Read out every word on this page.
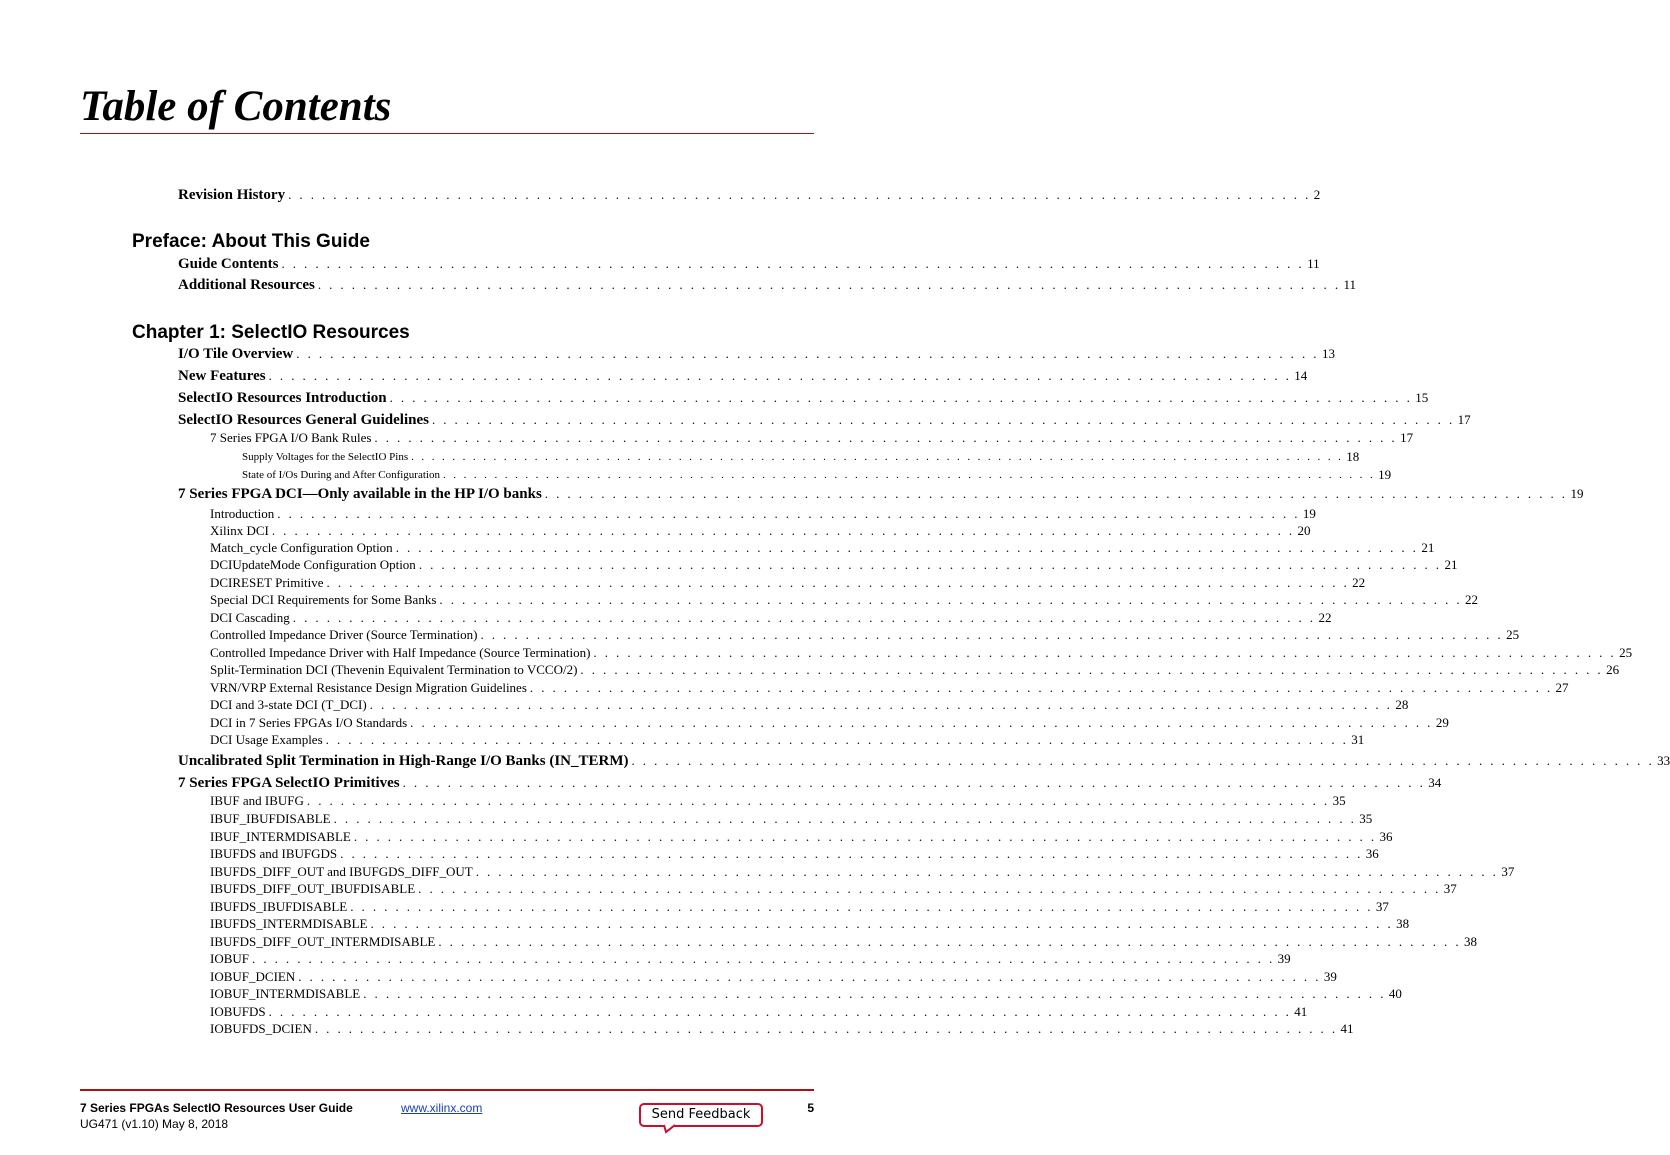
Table of Contents
Revision History . . . . . . . . . . . . . . . . . . . . . . . . . . . . . . . . . . . . . . . . . . . . . . . . . . . . . . . . . . . . . . . . . . . . . . . . . . . . . . . . . . . . . . . . . . . 2
Preface: About This Guide
Guide Contents . . . . . . . . . . . . . . . . . . . . . . . . . . . . . . . . . . . . . . . . . . . . . . . . . . . . . . . . . . . . . . . . . . . . . . . . . . . . . . . . . . . . . . . . . . . 11
Additional Resources . . . . . . . . . . . . . . . . . . . . . . . . . . . . . . . . . . . . . . . . . . . . . . . . . . . . . . . . . . . . . . . . . . . . . . . . . . . . . . . . . . . . . . . . . . . 11
Chapter 1: SelectIO Resources
I/O Tile Overview . . . . . . . . . . . . . . . . . . . . . . . . . . . . . . . . . . . . . . . . . . . . . . . . . . . . . . . . . . . . . . . . . . . . . . . . . . . . . . . . . . . . . . . . . . . 13
New Features . . . . . . . . . . . . . . . . . . . . . . . . . . . . . . . . . . . . . . . . . . . . . . . . . . . . . . . . . . . . . . . . . . . . . . . . . . . . . . . . . . . . . . . . . . . 14
SelectIO Resources Introduction . . . . . . . . . . . . . . . . . . . . . . . . . . . . . . . . . . . . . . . . . . . . . . . . . . . . . . . . . . . . . . . . . . . . . . . . . . . . . . . . . . . . . . . . . . . 15
SelectIO Resources General Guidelines . . . . . . . . . . . . . . . . . . . . . . . . . . . . . . . . . . . . . . . . . . . . . . . . . . . . . . . . . . . . . . . . . . . . . . . . . . . . . . . . . . . . . . . . . . . 17
7 Series FPGA I/O Bank Rules . . . . . . . . . . . . . . . . . . . . . . . . . . . . . . . . . . . . . . . . . . . . . . . . . . . . . . . . . . . . . . . . . . . . . . . . . . . . . . . . . . . . . . . . . . . 17
Supply Voltages for the SelectIO Pins . . . . . . . . . . . . . . . . . . . . . . . . . . . . . . . . . . . . . . . . . . . . . . . . . . . . . . . . . . . . . . . . . . . . . . . . . . . . . . . . . . . . . . . . . . . 18
State of I/Os During and After Configuration . . . . . . . . . . . . . . . . . . . . . . . . . . . . . . . . . . . . . . . . . . . . . . . . . . . . . . . . . . . . . . . . . . . . . . . . . . . . . . . . . . . . . . . . . . . 19
7 Series FPGA DCI—Only available in the HP I/O banks . . . . . . . . . . . . . . . . . . . . . . . . . . . . . . . . . . . . . . . . . . . . . . . . . . . . . . . . . . . . . . . . . . . . . . . . . . . . . . . . . . . . . . . . . . . 19
Introduction . . . . . . . . . . . . . . . . . . . . . . . . . . . . . . . . . . . . . . . . . . . . . . . . . . . . . . . . . . . . . . . . . . . . . . . . . . . . . . . . . . . . . . . . . . . 19
Xilinx DCI . . . . . . . . . . . . . . . . . . . . . . . . . . . . . . . . . . . . . . . . . . . . . . . . . . . . . . . . . . . . . . . . . . . . . . . . . . . . . . . . . . . . . . . . . . . 20
Match_cycle Configuration Option . . . . . . . . . . . . . . . . . . . . . . . . . . . . . . . . . . . . . . . . . . . . . . . . . . . . . . . . . . . . . . . . . . . . . . . . . . . . . . . . . . . . . . . . . . . 21
DCIUpdateMode Configuration Option . . . . . . . . . . . . . . . . . . . . . . . . . . . . . . . . . . . . . . . . . . . . . . . . . . . . . . . . . . . . . . . . . . . . . . . . . . . . . . . . . . . . . . . . . . . 21
DCIRESET Primitive . . . . . . . . . . . . . . . . . . . . . . . . . . . . . . . . . . . . . . . . . . . . . . . . . . . . . . . . . . . . . . . . . . . . . . . . . . . . . . . . . . . . . . . . . . . 22
Special DCI Requirements for Some Banks . . . . . . . . . . . . . . . . . . . . . . . . . . . . . . . . . . . . . . . . . . . . . . . . . . . . . . . . . . . . . . . . . . . . . . . . . . . . . . . . . . . . . . . . . . . 22
DCI Cascading . . . . . . . . . . . . . . . . . . . . . . . . . . . . . . . . . . . . . . . . . . . . . . . . . . . . . . . . . . . . . . . . . . . . . . . . . . . . . . . . . . . . . . . . . . . 22
Controlled Impedance Driver (Source Termination) . . . . . . . . . . . . . . . . . . . . . . . . . . . . . . . . . . . . . . . . . . . . . . . . . . . . . . . . . . . . . . . . . . . . . . . . . . . . . . . . . . . . . . . . . . . 25
Controlled Impedance Driver with Half Impedance (Source Termination) . . . . . . . . . . . . . . . . . . . . . . . . . . . . . . . . . . . . . . . . . . . . . . . . . . . . . . . . . . . . . . . . . . . . . . . . . . . . . . . . . . . . . . . . . . . 25
Split-Termination DCI (Thevenin Equivalent Termination to VCCO/2) . . . . . . . . . . . . . . . . . . . . . . . . . . . . . . . . . . . . . . . . . . . . . . . . . . . . . . . . . . . . . . . . . . . . . . . . . . . . . . . . . . . . . . . . . . . 26
VRN/VRP External Resistance Design Migration Guidelines . . . . . . . . . . . . . . . . . . . . . . . . . . . . . . . . . . . . . . . . . . . . . . . . . . . . . . . . . . . . . . . . . . . . . . . . . . . . . . . . . . . . . . . . . . . 27
DCI and 3-state DCI (T_DCI) . . . . . . . . . . . . . . . . . . . . . . . . . . . . . . . . . . . . . . . . . . . . . . . . . . . . . . . . . . . . . . . . . . . . . . . . . . . . . . . . . . . . . . . . . . . 28
DCI in 7 Series FPGAs I/O Standards . . . . . . . . . . . . . . . . . . . . . . . . . . . . . . . . . . . . . . . . . . . . . . . . . . . . . . . . . . . . . . . . . . . . . . . . . . . . . . . . . . . . . . . . . . . 29
DCI Usage Examples . . . . . . . . . . . . . . . . . . . . . . . . . . . . . . . . . . . . . . . . . . . . . . . . . . . . . . . . . . . . . . . . . . . . . . . . . . . . . . . . . . . . . . . . . . . 31
Uncalibrated Split Termination in High-Range I/O Banks (IN_TERM) . . . . . . . . . . . . . . . . . . . . . . . . . . . . . . . . . . . . . . . . . . . . . . . . . . . . . . . . . . . . . . . . . . . . . . . . . . . . . . . . . . . . . . . . . . . 33
7 Series FPGA SelectIO Primitives . . . . . . . . . . . . . . . . . . . . . . . . . . . . . . . . . . . . . . . . . . . . . . . . . . . . . . . . . . . . . . . . . . . . . . . . . . . . . . . . . . . . . . . . . . . 34
IBUF and IBUFG . . . . . . . . . . . . . . . . . . . . . . . . . . . . . . . . . . . . . . . . . . . . . . . . . . . . . . . . . . . . . . . . . . . . . . . . . . . . . . . . . . . . . . . . . . . 35
IBUF_IBUFDISABLE . . . . . . . . . . . . . . . . . . . . . . . . . . . . . . . . . . . . . . . . . . . . . . . . . . . . . . . . . . . . . . . . . . . . . . . . . . . . . . . . . . . . . . . . . . . 35
IBUF_INTERMDISABLE . . . . . . . . . . . . . . . . . . . . . . . . . . . . . . . . . . . . . . . . . . . . . . . . . . . . . . . . . . . . . . . . . . . . . . . . . . . . . . . . . . . . . . . . . . . 36
IBUFDS and IBUFGDS . . . . . . . . . . . . . . . . . . . . . . . . . . . . . . . . . . . . . . . . . . . . . . . . . . . . . . . . . . . . . . . . . . . . . . . . . . . . . . . . . . . . . . . . . . . 36
IBUFDS_DIFF_OUT and IBUFGDS_DIFF_OUT . . . . . . . . . . . . . . . . . . . . . . . . . . . . . . . . . . . . . . . . . . . . . . . . . . . . . . . . . . . . . . . . . . . . . . . . . . . . . . . . . . . . . . . . . . . 37
IBUFDS_DIFF_OUT_IBUFDISABLE . . . . . . . . . . . . . . . . . . . . . . . . . . . . . . . . . . . . . . . . . . . . . . . . . . . . . . . . . . . . . . . . . . . . . . . . . . . . . . . . . . . . . . . . . . . 37
IBUFDS_IBUFDISABLE . . . . . . . . . . . . . . . . . . . . . . . . . . . . . . . . . . . . . . . . . . . . . . . . . . . . . . . . . . . . . . . . . . . . . . . . . . . . . . . . . . . . . . . . . . . 37
IBUFDS_INTERMDISABLE . . . . . . . . . . . . . . . . . . . . . . . . . . . . . . . . . . . . . . . . . . . . . . . . . . . . . . . . . . . . . . . . . . . . . . . . . . . . . . . . . . . . . . . . . . . 38
IBUFDS_DIFF_OUT_INTERMDISABLE . . . . . . . . . . . . . . . . . . . . . . . . . . . . . . . . . . . . . . . . . . . . . . . . . . . . . . . . . . . . . . . . . . . . . . . . . . . . . . . . . . . . . . . . . . . 38
IOBUF . . . . . . . . . . . . . . . . . . . . . . . . . . . . . . . . . . . . . . . . . . . . . . . . . . . . . . . . . . . . . . . . . . . . . . . . . . . . . . . . . . . . . . . . . . . 39
IOBUF_DCIEN . . . . . . . . . . . . . . . . . . . . . . . . . . . . . . . . . . . . . . . . . . . . . . . . . . . . . . . . . . . . . . . . . . . . . . . . . . . . . . . . . . . . . . . . . . . 39
IOBUF_INTERMDISABLE . . . . . . . . . . . . . . . . . . . . . . . . . . . . . . . . . . . . . . . . . . . . . . . . . . . . . . . . . . . . . . . . . . . . . . . . . . . . . . . . . . . . . . . . . . . 40
IOBUFDS . . . . . . . . . . . . . . . . . . . . . . . . . . . . . . . . . . . . . . . . . . . . . . . . . . . . . . . . . . . . . . . . . . . . . . . . . . . . . . . . . . . . . . . . . . . 41
IOBUFDS_DCIEN . . . . . . . . . . . . . . . . . . . . . . . . . . . . . . . . . . . . . . . . . . . . . . . . . . . . . . . . . . . . . . . . . . . . . . . . . . . . . . . . . . . . . . . . . . . 41
7 Series FPGAs SelectIO Resources User Guide
UG471 (v1.10) May 8, 2018
www.xilinx.com	Send Feedback	5
